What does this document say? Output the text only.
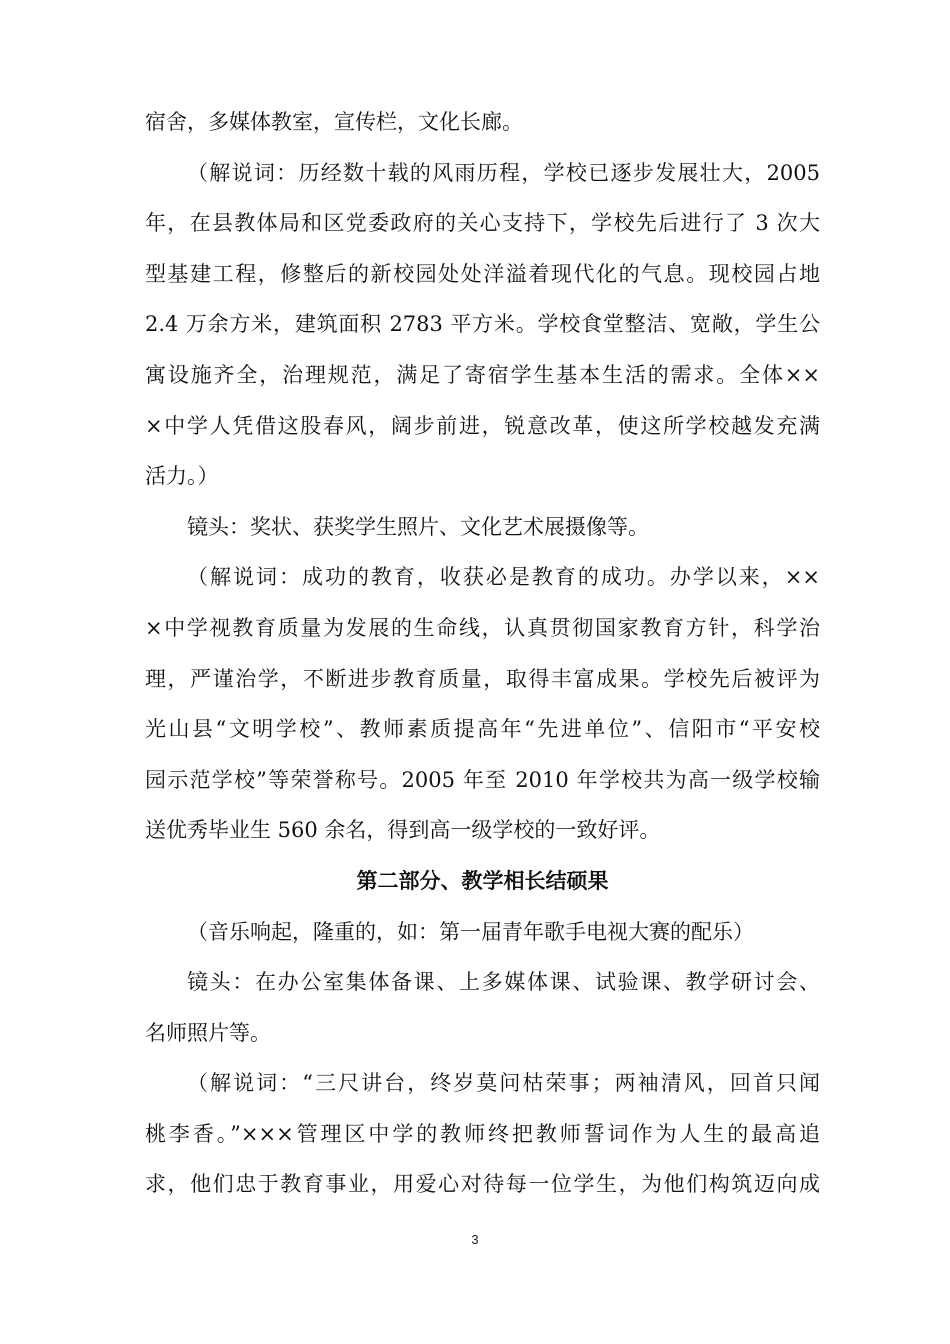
宿舍，多媒体教室，宣传栏，文化长廊。
（解说词：历经数十载的风雨历程，学校已逐步发展壮大，2005
年，在县教体局和区党委政府的关心支持下，学校先后进行了 3 次大
型基建工程，修整后的新校园处处洋溢着现代化的气息。现校园占地
2.4 万余方米，建筑面积 2783 平方米。学校食堂整洁、宽敞，学生公
寓设施齐全，治理规范，满足了寄宿学生基本生活的需求。全体××
×中学人凭借这股春风，阔步前进，锐意改革，使这所学校越发充满
活力。）
镜头：奖状、获奖学生照片、文化艺术展摄像等。
（解说词：成功的教育，收获必是教育的成功。办学以来，××
×中学视教育质量为发展的生命线，认真贯彻国家教育方针，科学治
理，严谨治学，不断进步教育质量，取得丰富成果。学校先后被评为
光山县“文明学校”、教师素质提高年“先进单位”、信阳市“平安校
园示范学校”等荣誉称号。2005 年至 2010 年学校共为高一级学校输
送优秀毕业生 560 余名，得到高一级学校的一致好评。
第二部分、教学相长结硕果
（音乐响起，隆重的，如：第一届青年歌手电视大赛的配乐）
镜头：在办公室集体备课、上多媒体课、试验课、教学研讨会、
名师照片等。
（解说词：“三尺讲台，终岁莫问枯荣事；两袖清风，回首只闻
桃李香。”×××管理区中学的教师终把教师誓词作为人生的最高追
求，他们忠于教育事业，用爱心对待每一位学生，为他们构筑迈向成
3
